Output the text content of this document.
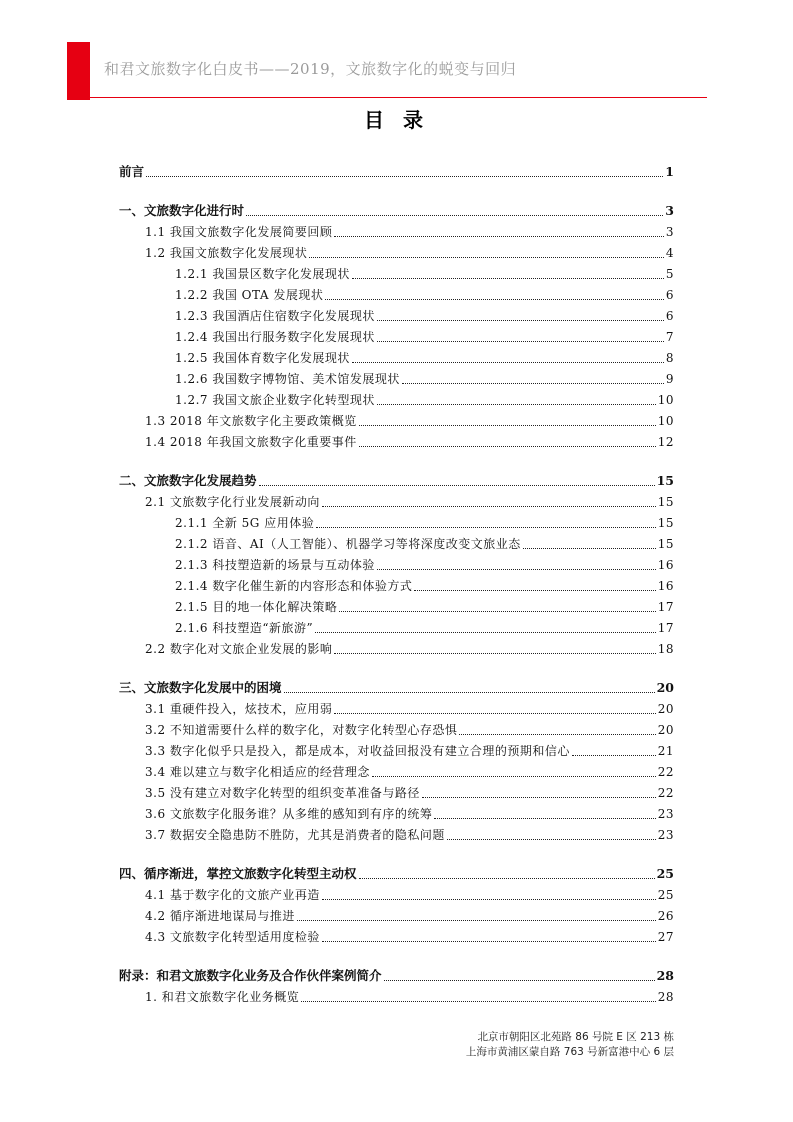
和君文旅数字化白皮书——2019，文旅数字化的蜕变与回归
目 录
前言	1
一、文旅数字化进行时	3
1.1 我国文旅数字化发展简要回顾	3
1.2 我国文旅数字化发展现状	4
1.2.1 我国景区数字化发展现状	5
1.2.2 我国 OTA 发展现状	6
1.2.3 我国酒店住宿数字化发展现状	6
1.2.4 我国出行服务数字化发展现状	7
1.2.5 我国体育数字化发展现状	8
1.2.6 我国数字博物馆、美术馆发展现状	9
1.2.7 我国文旅企业数字化转型现状	10
1.3 2018 年文旅数字化主要政策概览	10
1.4 2018 年我国文旅数字化重要事件	12
二、文旅数字化发展趋势	15
2.1 文旅数字化行业发展新动向	15
2.1.1 全新 5G 应用体验	15
2.1.2 语音、AI（人工智能）、机器学习等将深度改变文旅业态	15
2.1.3 科技塑造新的场景与互动体验	16
2.1.4 数字化催生新的内容形态和体验方式	16
2.1.5 目的地一体化解决策略	17
2.1.6 科技塑造“新旅游”	17
2.2 数字化对文旅企业发展的影响	18
三、文旅数字化发展中的困境	20
3.1 重硬件投入，炫技术，应用弱	20
3.2 不知道需要什么样的数字化，对数字化转型心存恐惧	20
3.3 数字化似乎只是投入，都是成本，对收益回报没有建立合理的预期和信心	21
3.4 难以建立与数字化相适应的经营理念	22
3.5 没有建立对数字化转型的组织变革准备与路径	22
3.6 文旅数字化服务谁？从多维的感知到有序的统筹	23
3.7 数据安全隐患防不胜防，尤其是消费者的隐私问题	23
四、循序渐进，掌控文旅数字化转型主动权	25
4.1 基于数字化的文旅产业再造	25
4.2 循序渐进地谋局与推进	26
4.3 文旅数字化转型适用度检验	27
附录：和君文旅数字化业务及合作伙伴案例简介	28
1. 和君文旅数字化业务概览	28
北京市朝阳区北苑路 86 号院 E 区 213 栋
上海市黄浦区蒙自路 763 号新富港中心 6 层
